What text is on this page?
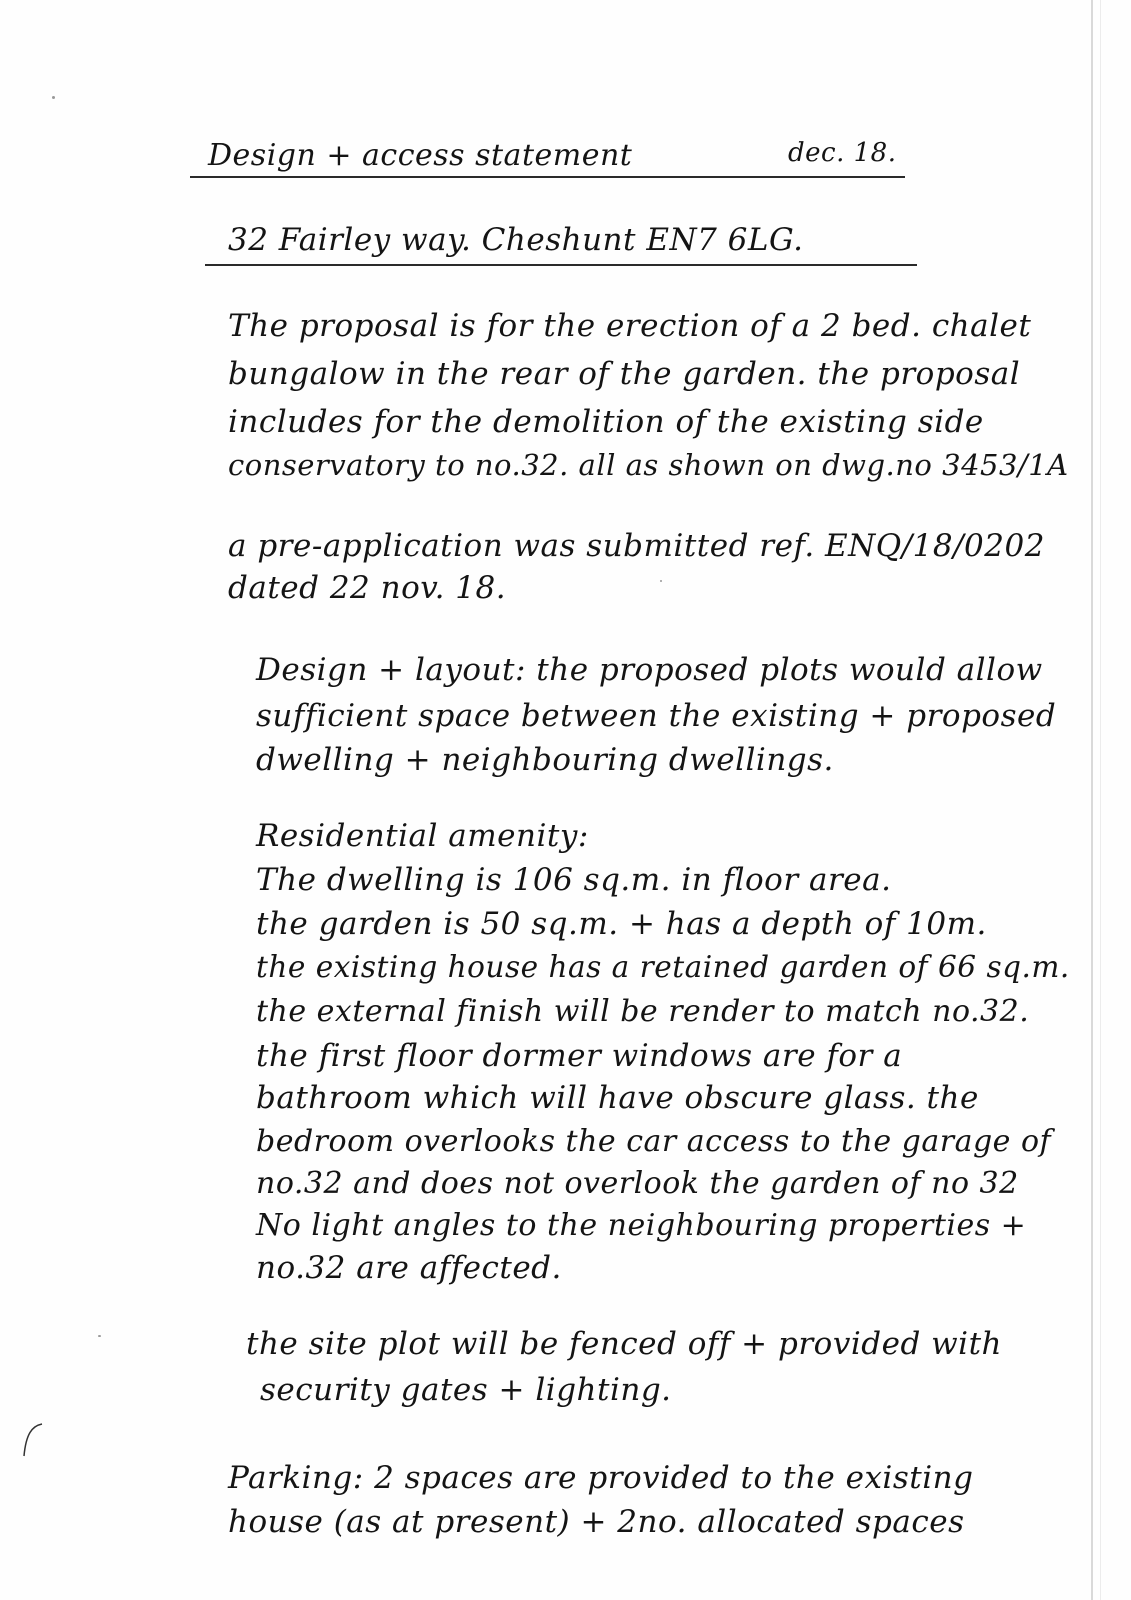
Design + access statement	dec. 18.
32 Fairley way. Cheshunt EN7 6LG.
The proposal is for the erection of a 2 bed. chalet
bungalow in the rear of the garden. the proposal
includes for the demolition of the existing side
conservatory to no.32. all as shown on dwg.no 3453/1A
a pre-application was submitted ref. ENQ/18/0202
dated 22 nov. 18.
Design + layout: the proposed plots would allow
sufficient space between the existing + proposed
dwelling + neighbouring dwellings.
Residential amenity:
The dwelling is 106 sq.m. in floor area.
the garden is 50 sq.m. + has a depth of 10m.
the existing house has a retained garden of 66 sq.m.
the external finish will be render to match no.32.
the first floor dormer windows are for a
bathroom which will have obscure glass. the
bedroom overlooks the car access to the garage of
no.32 and does not overlook the garden of no 32
No light angles to the neighbouring properties +
no.32 are affected.
the site plot will be fenced off + provided with
security gates + lighting.
Parking: 2 spaces are provided to the existing
house (as at present) + 2no. allocated spaces
